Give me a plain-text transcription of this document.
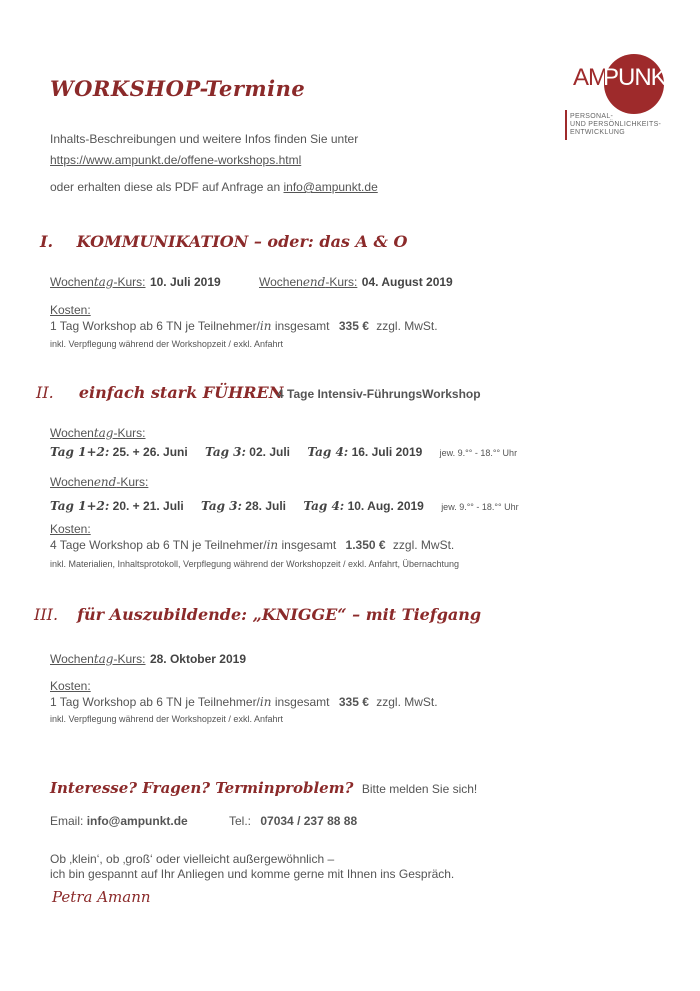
AM
PUNKT
PERSONAL-
UND PERSÖNLICHKEITS-
ENTWICKLUNG
WORKSHOP-Termine
Inhalts-Beschreibungen und weitere Infos finden Sie unter
https://www.ampunkt.de/offene-workshops.html
oder erhalten diese als PDF auf Anfrage an info@ampunkt.de
I. KOMMUNIKATION – oder: das A & O
Wochentag-Kurs: 10. Juli 2019	Wochenend-Kurs: 04. August 2019
Kosten:
1 Tag Workshop ab 6 TN je Teilnehmer/in insgesamt 335 € zzgl. MwSt.
inkl. Verpflegung während der Workshopzeit / exkl. Anfahrt
II. einfach stark FÜHREN
4 Tage Intensiv-FührungsWorkshop
Wochentag-Kurs:
Tag 1+2: 25. + 26. Juni Tag 3: 02. Juli Tag 4: 16. Juli 2019 jew. 9.°° - 18.°° Uhr
Wochenend-Kurs:
Tag 1+2: 20. + 21. Juli Tag 3: 28. Juli Tag 4: 10. Aug. 2019 jew. 9.°° - 18.°° Uhr
Kosten:
4 Tage Workshop ab 6 TN je Teilnehmer/in insgesamt 1.350 € zzgl. MwSt.
inkl. Materialien, Inhaltsprotokoll, Verpflegung während der Workshopzeit / exkl. Anfahrt, Übernachtung
III. für Auszubildende: „KNIGGE“ – mit Tiefgang
Wochentag-Kurs: 28. Oktober 2019
Kosten:
1 Tag Workshop ab 6 TN je Teilnehmer/in insgesamt 335 € zzgl. MwSt.
inkl. Verpflegung während der Workshopzeit / exkl. Anfahrt
Interesse? Fragen? Terminproblem? Bitte melden Sie sich!
Email: info@ampunkt.de	Tel.: 07034 / 237 88 88
Ob ‚klein‘, ob ‚groß‘ oder vielleicht außergewöhnlich –
ich bin gespannt auf Ihr Anliegen und komme gerne mit Ihnen ins Gespräch.
Petra Amann
